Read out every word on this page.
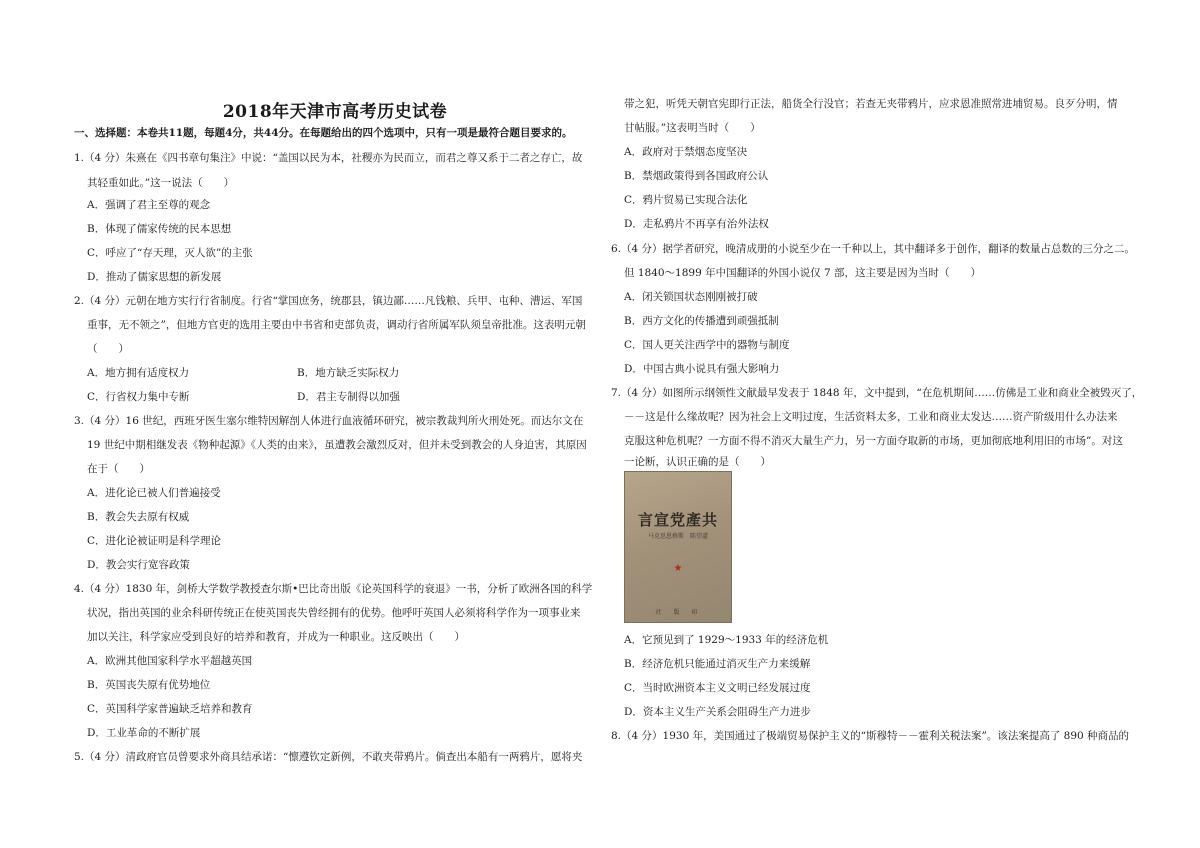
2018年天津市高考历史试卷

一、选择题：本卷共11题，每题4分，共44分。在每题给出的四个选项中，只有一项是最符合题目要求的。

1.（4 分）朱熹在《四书章句集注》中说：“盖国以民为本，社稷亦为民而立，而君之尊又系于二者之存亡，故
其轻重如此。”这一说法（　　）
A．强调了君主至尊的观念
B．体现了儒家传统的民本思想
C．呼应了“存天理，灭人欲”的主张
D．推动了儒家思想的新发展
2.（4 分）元朝在地方实行行省制度。行省“掌国庶务，统郡县，镇边鄙……凡钱粮、兵甲、屯种、漕运、军国
重事，无不领之”，但地方官吏的选用主要由中书省和吏部负责，调动行省所属军队须皇帝批准。这表明元朝
（　　）
A．地方拥有适度权力	B．地方缺乏实际权力
C．行省权力集中专断	D．君主专制得以加强
3.（4 分）16 世纪，西班牙医生塞尔维特因解剖人体进行血液循环研究，被宗教裁判所火刑处死。而达尔文在
19 世纪中期相继发表《物种起源》《人类的由来》，虽遭教会激烈反对，但并未受到教会的人身迫害，其原因
在于（　　）
A．进化论已被人们普遍接受
B．教会失去原有权威
C．进化论被证明是科学理论
D．教会实行宽容政策
4.（4 分）1830 年，剑桥大学数学教授查尔斯•巴比奇出版《论英国科学的衰退》一书，分析了欧洲各国的科学
状况，指出英国的业余科研传统正在使英国丧失曾经拥有的优势。他呼吁英国人必须将科学作为一项事业来
加以关注，科学家应受到良好的培养和教育，并成为一种职业。这反映出（　　）
A．欧洲其他国家科学水平超越英国
B．英国丧失原有优势地位
C．英国科学家普遍缺乏培养和教育
D．工业革命的不断扩展
5.（4 分）清政府官员曾要求外商具结承诺：“懔遵钦定新例，不敢夹带鸦片。倘查出本船有一两鸦片，愿将夹
带之犯，听凭天朝官宪即行正法，船货全行没官；若查无夹带鸦片，应求恩准照常进埔贸易。良歹分明，情
甘帖服。”这表明当时（　　）
A．政府对于禁烟态度坚决
B．禁烟政策得到各国政府公认
C．鸦片贸易已实现合法化
D．走私鸦片不再享有治外法权
6.（4 分）据学者研究，晚清成册的小说至少在一千种以上，其中翻译多于创作，翻译的数量占总数的三分之二。
但 1840～1899 年中国翻译的外国小说仅 7 部，这主要是因为当时（　　）
A．闭关锁国状态刚刚被打破
B．西方文化的传播遭到顽强抵制
C．国人更关注西学中的器物与制度
D．中国古典小说具有强大影响力
7.（4 分）如图所示纲领性文献最早发表于 1848 年，文中提到，“在危机期间……仿佛是工业和商业全被毁灭了，
－－这是什么缘故呢？因为社会上文明过度，生活资料太多，工业和商业太发达……资产阶级用什么办法来
克服这种危机呢？一方面不得不消灭大量生产力，另一方面夺取新的市场，更加彻底地利用旧的市场”。对这
一论断，认识正确的是（　　）
言宣党產共
马克思恩格斯　陈望道
★
社　版　印
A．它预见到了 1929～1933 年的经济危机
B．经济危机只能通过消灭生产力来缓解
C．当时欧洲资本主义文明已经发展过度
D．资本主义生产关系会阻碍生产力进步
8.（4 分）1930 年，美国通过了极端贸易保护主义的“斯穆特－－霍利关税法案”。该法案提高了 890 种商品的
